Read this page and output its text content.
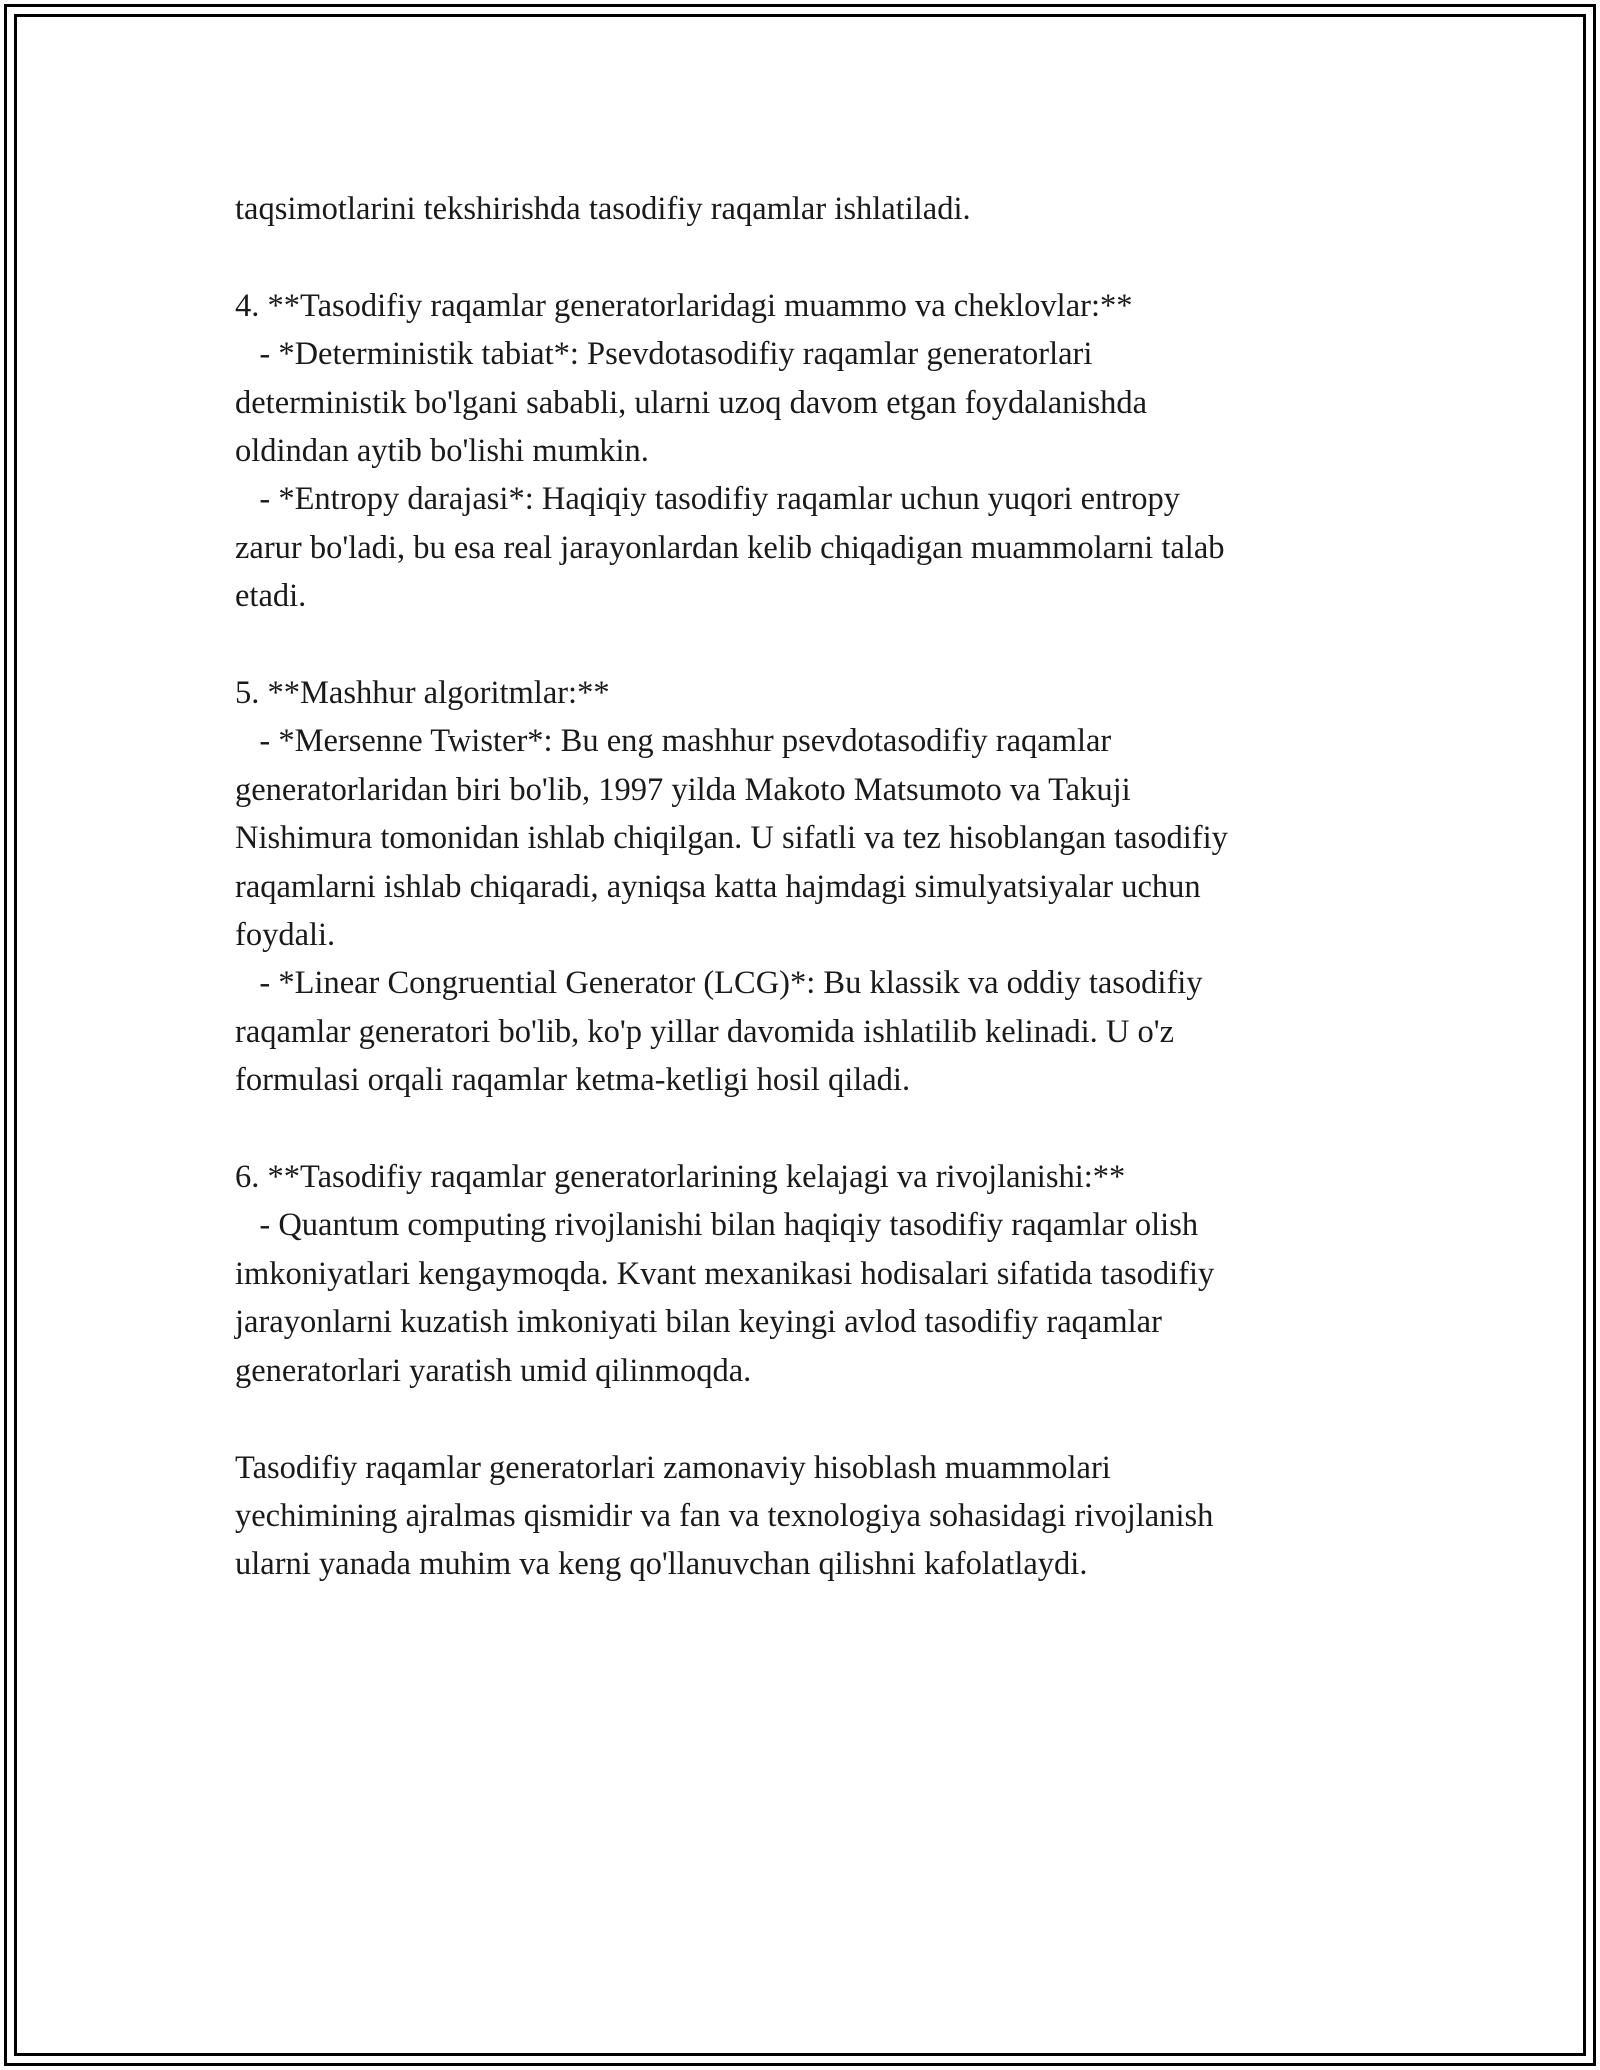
taqsimotlarini tekshirishda tasodifiy raqamlar ishlatiladi.

4. **Tasodifiy raqamlar generatorlaridagi muammo va cheklovlar:**

- *Deterministik tabiat*: Psevdotasodifiy raqamlar generatorlari
deterministik bo'lgani sababli, ularni uzoq davom etgan foydalanishda
oldindan aytib bo'lishi mumkin.

- *Entropy darajasi*: Haqiqiy tasodifiy raqamlar uchun yuqori entropy
zarur bo'ladi, bu esa real jarayonlardan kelib chiqadigan muammolarni talab
etadi.

5. **Mashhur algoritmlar:**

- *Mersenne Twister*: Bu eng mashhur psevdotasodifiy raqamlar
generatorlaridan biri bo'lib, 1997 yilda Makoto Matsumoto va Takuji
Nishimura tomonidan ishlab chiqilgan. U sifatli va tez hisoblangan tasodifiy
raqamlarni ishlab chiqaradi, ayniqsa katta hajmdagi simulyatsiyalar uchun
foydali.

- *Linear Congruential Generator (LCG)*: Bu klassik va oddiy tasodifiy
raqamlar generatori bo'lib, ko'p yillar davomida ishlatilib kelinadi. U o'z
formulasi orqali raqamlar ketma-ketligi hosil qiladi.

6. **Tasodifiy raqamlar generatorlarining kelajagi va rivojlanishi:**

- Quantum computing rivojlanishi bilan haqiqiy tasodifiy raqamlar olish
imkoniyatlari kengaymoqda. Kvant mexanikasi hodisalari sifatida tasodifiy
jarayonlarni kuzatish imkoniyati bilan keyingi avlod tasodifiy raqamlar
generatorlari yaratish umid qilinmoqda.

Tasodifiy raqamlar generatorlari zamonaviy hisoblash muammolari
yechimining ajralmas qismidir va fan va texnologiya sohasidagi rivojlanish
ularni yanada muhim va keng qo'llanuvchan qilishni kafolatlaydi.
